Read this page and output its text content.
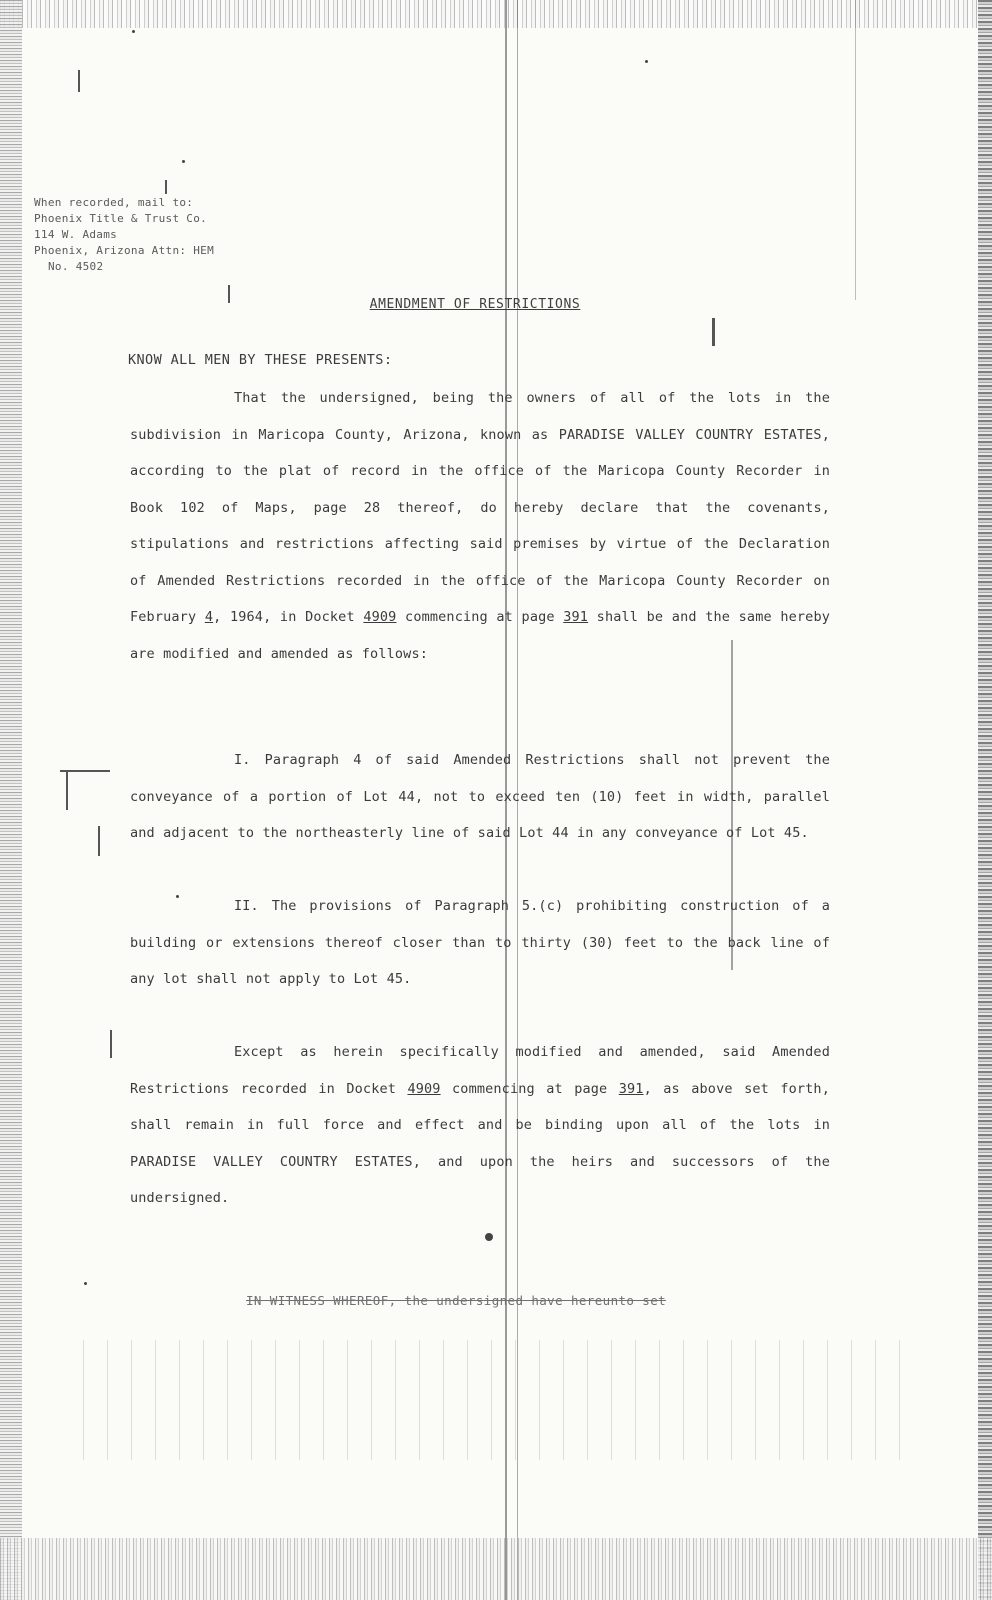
When recorded, mail to:
Phoenix Title & Trust Co.
114 W. Adams
Phoenix, Arizona Attn: HEM
No. 4502
AMENDMENT OF RESTRICTIONS
KNOW ALL MEN BY THESE PRESENTS:

That the undersigned, being the owners of all of the lots in the subdivision in Maricopa County, Arizona, known as PARADISE VALLEY COUNTRY ESTATES, according to the plat of record in the office of the Maricopa County Recorder in Book 102 of Maps, page 28 thereof, do hereby declare that the covenants, stipulations and restrictions affecting said premises by virtue of the Declaration of Amended Restrictions recorded in the office of the Maricopa County Recorder on February 4, 1964, in Docket 4909 commencing at page 391 shall be and the same hereby are modified and amended as follows:

I. Paragraph 4 of said Amended Restrictions shall not prevent the conveyance of a portion of Lot 44, not to exceed ten (10) feet in width, parallel and adjacent to the northeasterly line of said Lot 44 in any conveyance of Lot 45.

II. The provisions of Paragraph 5.(c) prohibiting construction of a building or extensions thereof closer than to thirty (30) feet to the back line of any lot shall not apply to Lot 45.

Except as herein specifically modified and amended, said Amended Restrictions recorded in Docket 4909 commencing at page 391, as above set forth, shall remain in full force and effect and be binding upon all of the lots in PARADISE VALLEY COUNTRY ESTATES, and upon the heirs and successors of the undersigned.

IN WITNESS WHEREOF, the undersigned have hereunto set
